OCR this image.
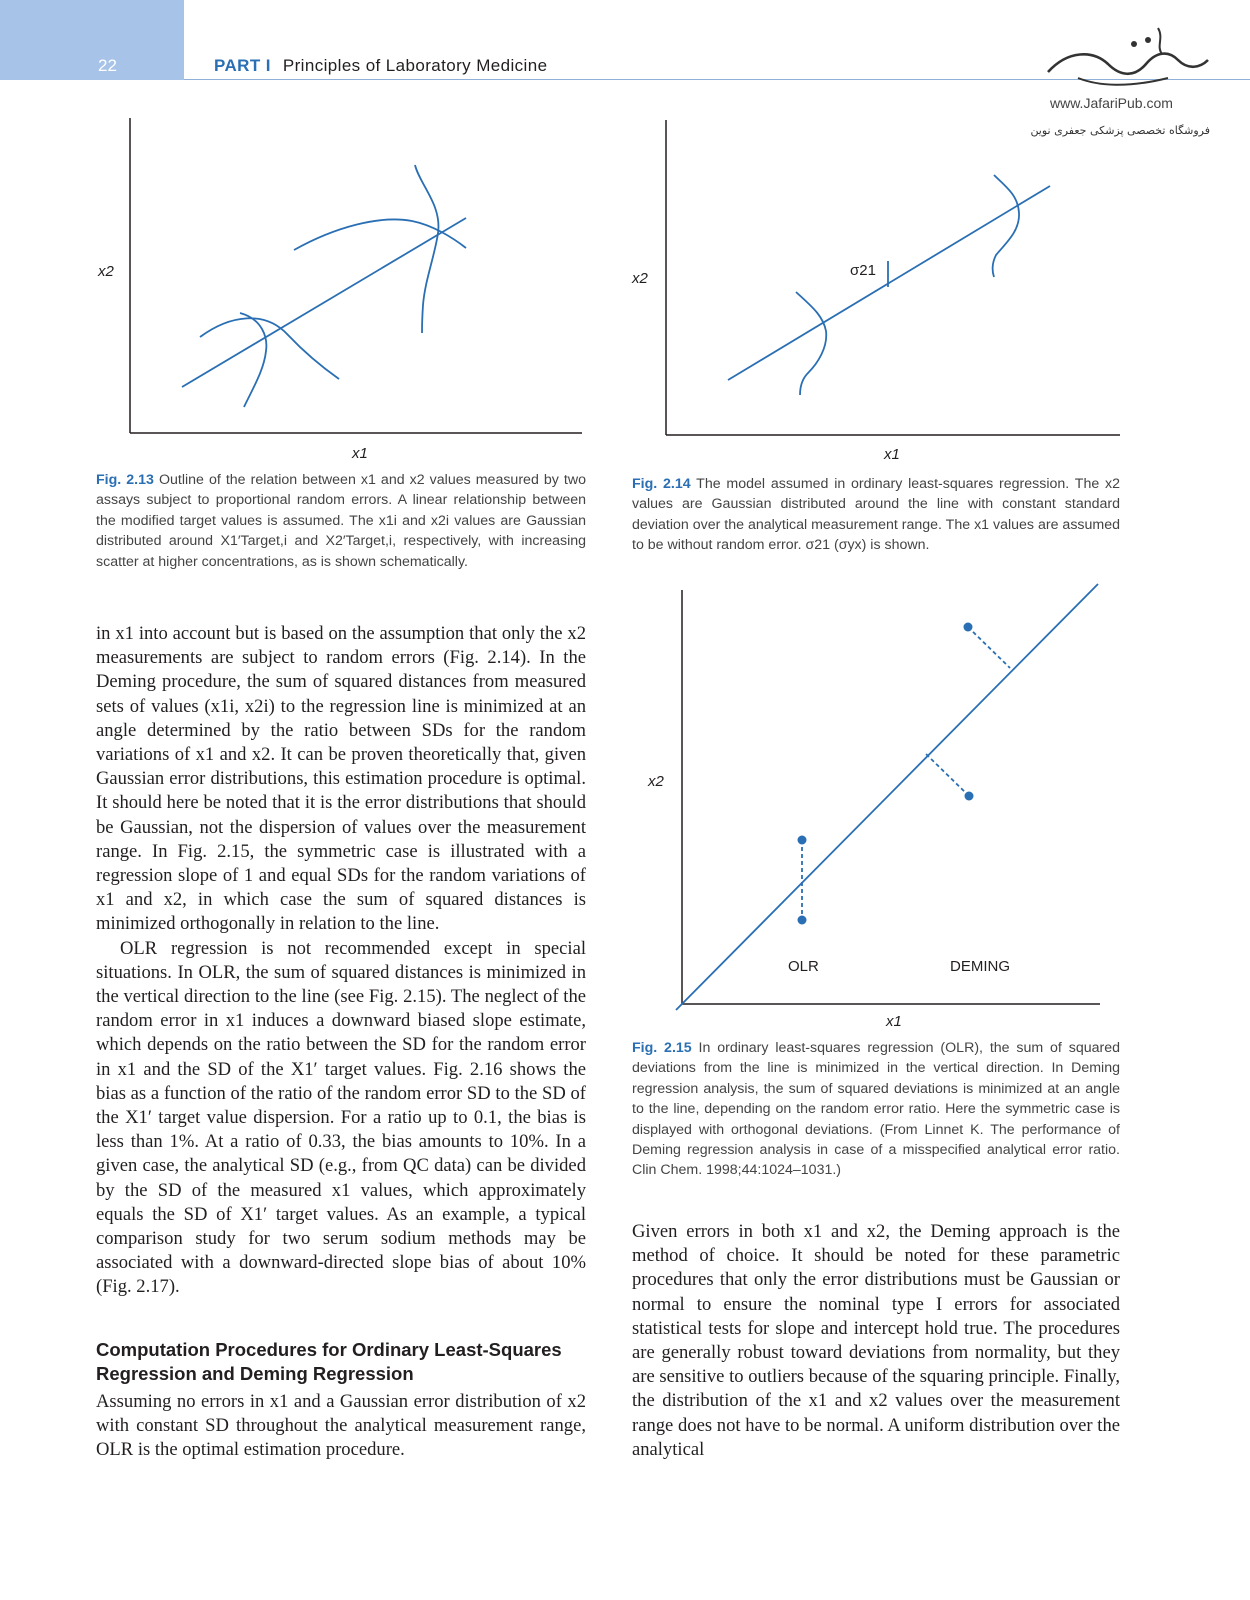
22	PART I Principles of Laboratory Medicine
www.JafariPub.com
فروشگاه تخصصی پزشکی جعفری نوین
x2
x1
Fig. 2.13 Outline of the relation between x1 and x2 values measured by two assays subject to proportional random errors. A linear relationship between the modified target values is assumed. The x1i and x2i values are Gaussian distributed around X1′Target,i and X2′Target,i, respectively, with increasing scatter at higher concentrations, as is shown schematically.
x2
x1
σ21
Fig. 2.14 The model assumed in ordinary least-squares regression. The x2 values are Gaussian distributed around the line with constant standard deviation over the analytical measurement range. The x1 values are assumed to be without random error. σ21 (σyx) is shown.
x2
x1
OLR	DEMING
Fig. 2.15 In ordinary least-squares regression (OLR), the sum of squared deviations from the line is minimized in the vertical direction. In Deming regression analysis, the sum of squared deviations is minimized at an angle to the line, depending on the random error ratio. Here the symmetric case is displayed with orthogonal deviations. (From Linnet K. The performance of Deming regression analysis in case of a misspecified analytical error ratio. Clin Chem. 1998;44:1024–1031.)

in x1 into account but is based on the assumption that only the x2 measurements are subject to random errors (Fig. 2.14). In the Deming procedure, the sum of squared distances from measured sets of values (x1i, x2i) to the regression line is minimized at an angle determined by the ratio between SDs for the random variations of x1 and x2. It can be proven theoretically that, given Gaussian error distributions, this estimation procedure is optimal. It should here be noted that it is the error distributions that should be Gaussian, not the dispersion of values over the measurement range. In Fig. 2.15, the symmetric case is illustrated with a regression slope of 1 and equal SDs for the random variations of x1 and x2, in which case the sum of squared distances is minimized orthogonally in relation to the line.

OLR regression is not recommended except in special situations. In OLR, the sum of squared distances is minimized in the vertical direction to the line (see Fig. 2.15). The neglect of the random error in x1 induces a downward biased slope estimate, which depends on the ratio between the SD for the random error in x1 and the SD of the X1′ target values. Fig. 2.16 shows the bias as a function of the ratio of the random error SD to the SD of the X1′ target value dispersion. For a ratio up to 0.1, the bias is less than 1%. At a ratio of 0.33, the bias amounts to 10%. In a given case, the analytical SD (e.g., from QC data) can be divided by the SD of the measured x1 values, which approximately equals the SD of X1′ target values. As an example, a typical comparison study for two serum sodium methods may be associated with a downward-directed slope bias of about 10% (Fig. 2.17).

Computation Procedures for Ordinary Least-Squares Regression and Deming Regression
Assuming no errors in x1 and a Gaussian error distribution of x2 with constant SD throughout the analytical measurement range, OLR is the optimal estimation procedure.
Given errors in both x1 and x2, the Deming approach is the method of choice. It should be noted for these parametric procedures that only the error distributions must be Gaussian or normal to ensure the nominal type I errors for associated statistical tests for slope and intercept hold true. The procedures are generally robust toward deviations from normality, but they are sensitive to outliers because of the squaring principle. Finally, the distribution of the x1 and x2 values over the measurement range does not have to be normal. A uniform distribution over the analytical
